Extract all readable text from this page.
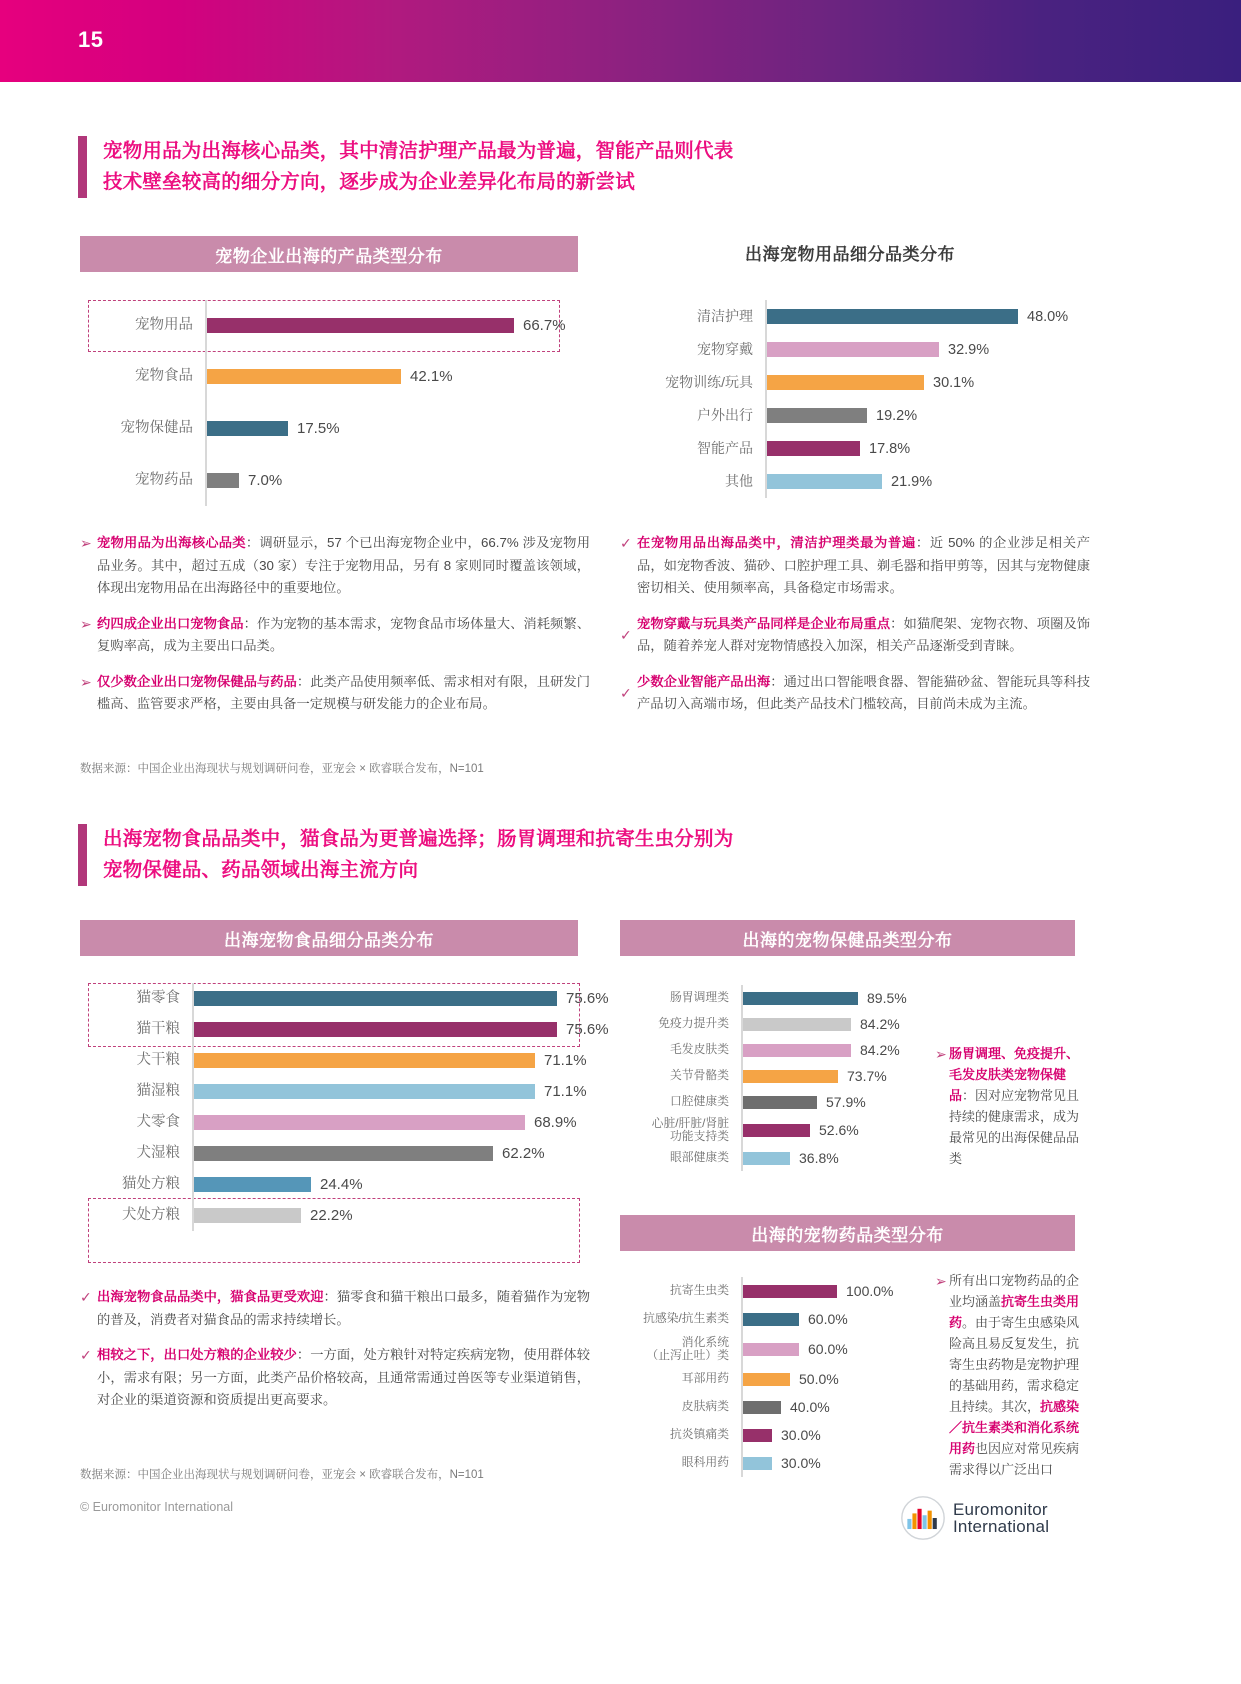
15
宠物用品为出海核心品类，其中清洁护理产品最为普遍，智能产品则代表
技术壁垒较高的细分方向，逐步成为企业差异化布局的新尝试
宠物企业出海的产品类型分布	出海宠物用品细分品类分布
宠物用品	66.7%
宠物食品	42.1%
宠物保健品	17.5%
宠物药品	7.0%
清洁护理	48.0%
宠物穿戴	32.9%
宠物训练/玩具	30.1%
户外出行	19.2%
智能产品	17.8%
其他	21.9%
➢ 宠物用品为出海核心品类：调研显示，57 个已出海宠物企业中，66.7% 涉及宠物用品业务。其中，超过五成（30 家）专注于宠物用品，另有 8 家则同时覆盖该领域，体现出宠物用品在出海路径中的重要地位。
➢ 约四成企业出口宠物食品：作为宠物的基本需求，宠物食品市场体量大、消耗频繁、复购率高，成为主要出口品类。
➢ 仅少数企业出口宠物保健品与药品：此类产品使用频率低、需求相对有限，且研发门槛高、监管要求严格，主要由具备一定规模与研发能力的企业布局。
✓ 在宠物用品出海品类中，清洁护理类最为普遍：近 50% 的企业涉足相关产品，如宠物香波、猫砂、口腔护理工具、剃毛器和指甲剪等，因其与宠物健康密切相关、使用频率高，具备稳定市场需求。
✓
宠物穿戴与玩具类产品同样是企业布局重点：如猫爬架、宠物衣物、项圈及饰品，随着养宠人群对宠物情感投入加深，相关产品逐渐受到青睐。
✓
少数企业智能产品出海：通过出口智能喂食器、智能猫砂盆、智能玩具等科技产品切入高端市场，但此类产品技术门槛较高，目前尚未成为主流。
数据来源：中国企业出海现状与规划调研问卷，亚宠会 × 欧睿联合发布，N=101
出海宠物食品品类中，猫食品为更普遍选择；肠胃调理和抗寄生虫分别为
宠物保健品、药品领域出海主流方向
出海宠物食品细分品类分布
猫零食	75.6%
猫干粮	75.6%
犬干粮	71.1%
猫湿粮	71.1%
犬零食	68.9%
犬湿粮	62.2%
猫处方粮	24.4%
犬处方粮	22.2%
✓ 出海宠物食品品类中，猫食品更受欢迎：猫零食和猫干粮出口最多，随着猫作为宠物的普及，消费者对猫食品的需求持续增长。
✓ 相较之下，出口处方粮的企业较少：一方面，处方粮针对特定疾病宠物，使用群体较小，需求有限；另一方面，此类产品价格较高，且通常需通过兽医等专业渠道销售，对企业的渠道资源和资质提出更高要求。
数据来源：中国企业出海现状与规划调研问卷，亚宠会 × 欧睿联合发布，N=101
出海的宠物保健品类型分布
肠胃调理类	89.5%
免疫力提升类	84.2%
毛发皮肤类	84.2%
关节骨骼类	73.7%
口腔健康类	57.9%
心脏/肝脏/肾脏
功能支持类	52.6%
眼部健康类	36.8%
➢ 肠胃调理、免疫提升、毛发皮肤类宠物保健品：因对应宠物常见且持续的健康需求，成为最常见的出海保健品品类
出海的宠物药品类型分布
抗寄生虫类	100.0%
抗感染/抗生素类	60.0%
消化系统
（止泻止吐）类	60.0%
耳部用药	50.0%
皮肤病类	40.0%
抗炎镇痛类	30.0%
眼科用药	30.0%
➢ 所有出口宠物药品的企业均涵盖抗寄生虫类用药。由于寄生虫感染风险高且易反复发生，抗寄生虫药物是宠物护理的基础用药，需求稳定且持续。其次，抗感染／抗生素类和消化系统用药也因应对常见疾病需求得以广泛出口
© Euromonitor International	Euromonitor
International
